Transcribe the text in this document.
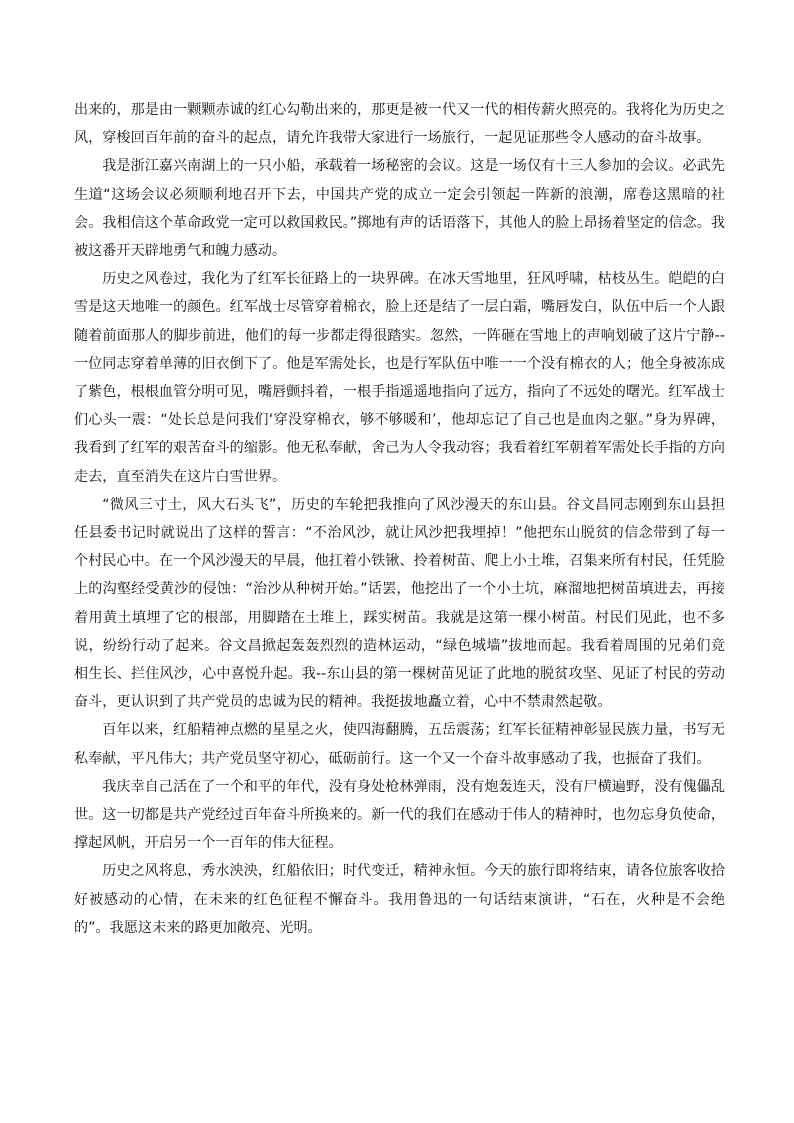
出来的，那是由一颗颗赤诚的红心勾勒出来的，那更是被一代又一代的相传薪火照亮的。我将化为历史之风，穿梭回百年前的奋斗的起点，请允许我带大家进行一场旅行，一起见证那些令人感动的奋斗故事。

我是浙江嘉兴南湖上的一只小船，承载着一场秘密的会议。这是一场仅有十三人参加的会议。必武先生道“这场会议必须顺利地召开下去，中国共产党的成立一定会引领起一阵新的浪潮，席卷这黑暗的社会。我相信这个革命政党一定可以救国救民。”掷地有声的话语落下，其他人的脸上昂扬着坚定的信念。我被这番开天辟地勇气和魄力感动。

历史之风卷过，我化为了红军长征路上的一块界碑。在冰天雪地里，狂风呼啸，枯枝丛生。皑皑的白雪是这天地唯一的颜色。红军战士尽管穿着棉衣，脸上还是结了一层白霜，嘴唇发白，队伍中后一个人跟随着前面那人的脚步前进，他们的每一步都走得很踏实。忽然，一阵砸在雪地上的声响划破了这片宁静--一位同志穿着单薄的旧衣倒下了。他是军需处长，也是行军队伍中唯一一个没有棉衣的人；他全身被冻成了紫色，根根血管分明可见，嘴唇颤抖着，一根手指遥遥地指向了远方，指向了不远处的曙光。红军战士们心头一震：“处长总是问我们‘穿没穿棉衣，够不够暖和’，他却忘记了自己也是血肉之躯。”身为界碑，我看到了红军的艰苦奋斗的缩影。他无私奉献，舍己为人令我动容；我看着红军朝着军需处长手指的方向走去，直至消失在这片白雪世界。

“微风三寸土，风大石头飞”，历史的车轮把我推向了风沙漫天的东山县。谷文昌同志刚到东山县担任县委书记时就说出了这样的誓言：“不治风沙，就让风沙把我埋掉！”他把东山脱贫的信念带到了每一个村民心中。在一个风沙漫天的早晨，他扛着小铁锹、拎着树苗、爬上小土堆，召集来所有村民，任凭脸上的沟壑经受黄沙的侵蚀：“治沙从种树开始。”话罢，他挖出了一个小土坑，麻溜地把树苗填进去，再接着用黄土填埋了它的根部，用脚踏在土堆上，踩实树苗。我就是这第一棵小树苗。村民们见此，也不多说，纷纷行动了起来。谷文昌掀起轰轰烈烈的造林运动，“绿色城墙”拔地而起。我看着周围的兄弟们竞相生长、拦住风沙，心中喜悦升起。我--东山县的第一棵树苗见证了此地的脱贫攻坚、见证了村民的劳动奋斗，更认识到了共产党员的忠诚为民的精神。我挺拔地矗立着，心中不禁肃然起敬。

百年以来，红船精神点燃的星星之火，使四海翻腾，五岳震荡；红军长征精神彰显民族力量，书写无私奉献，平凡伟大；共产党员坚守初心，砥砺前行。这一个又一个奋斗故事感动了我，也振奋了我们。

我庆幸自己活在了一个和平的年代，没有身处枪林弹雨，没有炮轰连天，没有尸横遍野，没有傀儡乱世。这一切都是共产党经过百年奋斗所换来的。新一代的我们在感动于伟人的精神时，也勿忘身负使命，撑起风帆，开启另一个一百年的伟大征程。

历史之风将息，秀水泱泱，红船依旧；时代变迁，精神永恒。今天的旅行即将结束，请各位旅客收拾好被感动的心情，在未来的红色征程不懈奋斗。我用鲁迅的一句话结束演讲，“石在，火种是不会绝的”。我愿这未来的路更加敞亮、光明。
